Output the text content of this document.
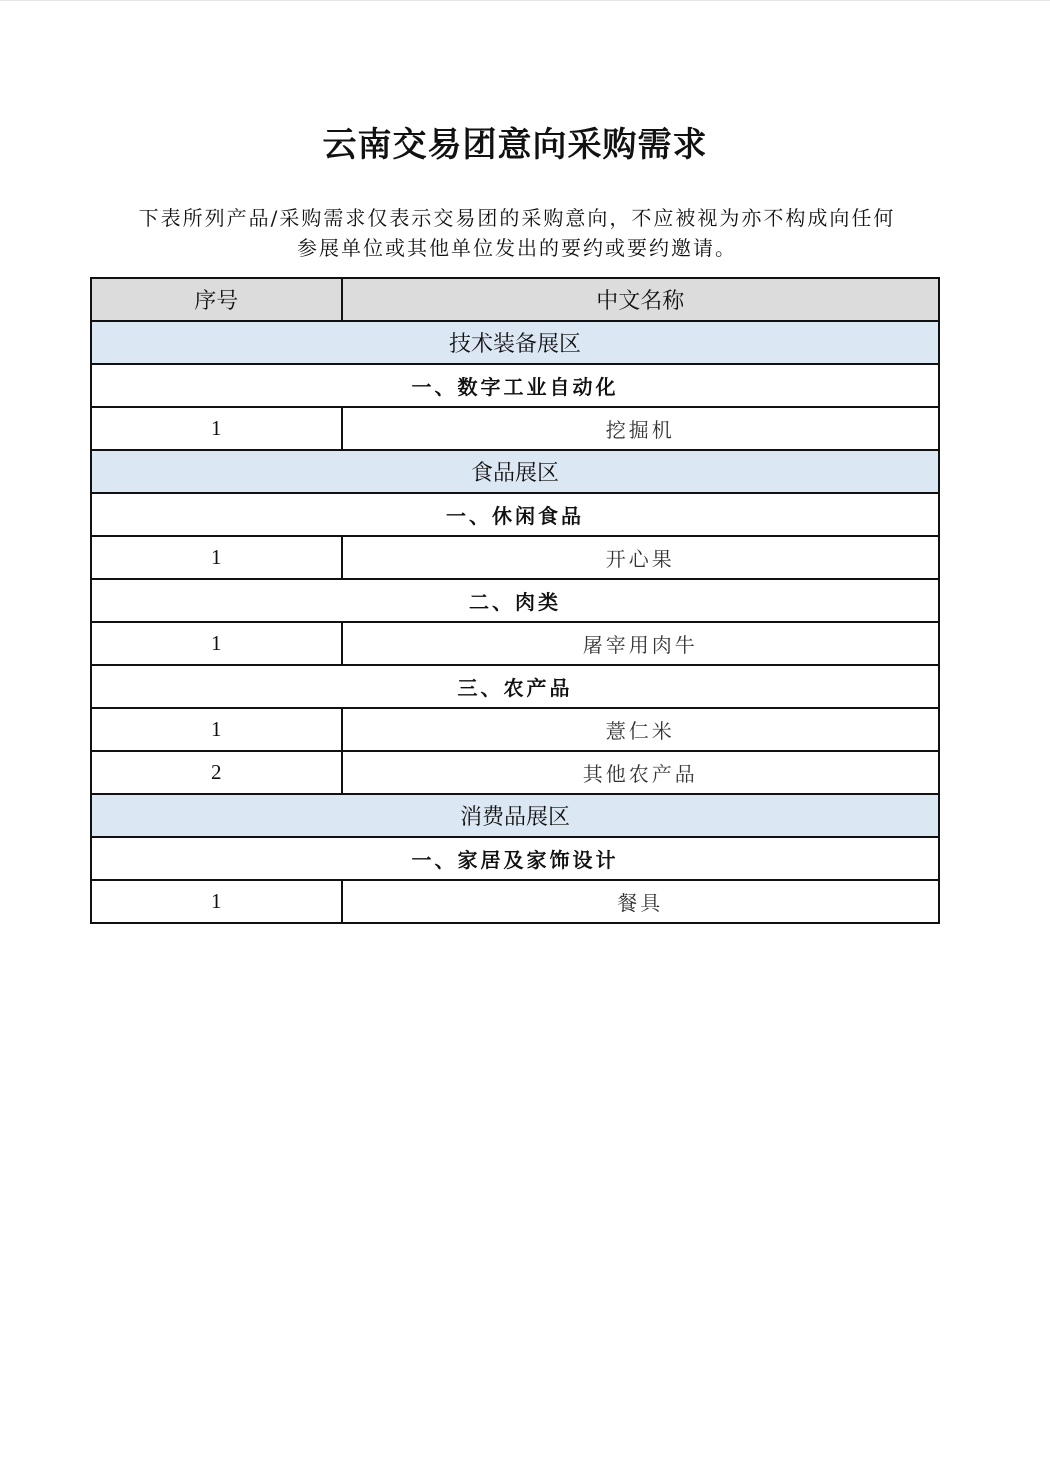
云南交易团意向采购需求
下表所列产品/采购需求仅表示交易团的采购意向，不应被视为亦不构成向任何
参展单位或其他单位发出的要约或要约邀请。
序号	中文名称
技术装备展区	
一、数字工业自动化	
1	挖掘机
食品展区	
一、休闲食品	
1	开心果
二、肉类	
1	屠宰用肉牛
三、农产品	
1	薏仁米
2	其他农产品
消费品展区	
一、家居及家饰设计	
1	餐具
